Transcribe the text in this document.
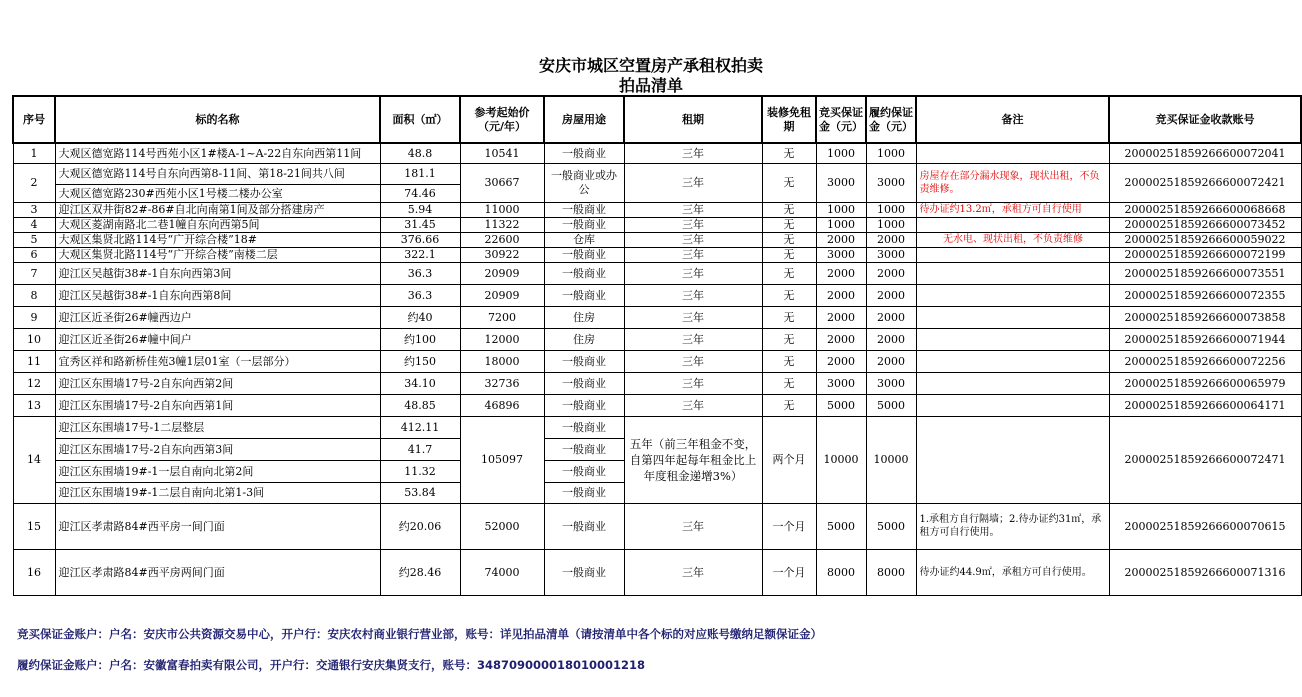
安庆市城区空置房产承租权拍卖
拍品清单
序号	标的名称	面积（㎡）	参考起始价（元/年）	房屋用途	租期	装修免租期	竞买保证金（元）	履约保证金（元）	备注	竞买保证金收款账号
1	大观区德宽路114号西苑小区1#楼A-1~A-22自东向西第11间	48.8	10541	一般商业	三年	无	1000	1000		20000251859266600072041
2	大观区德宽路114号自东向西第8-11间、第18-21间共八间	181.1	30667	一般商业或办公	三年	无	3000	3000	房屋存在部分漏水现象，现状出租，不负责维修。	20000251859266600072421
	大观区德宽路230#西苑小区1号楼二楼办公室	74.46								
3	迎江区双井街82#-86#自北向南第1间及部分搭建房产	5.94	11000	一般商业	三年	无	1000	1000	待办证约13.2㎡，承租方可自行使用	20000251859266600068668
4	大观区菱湖南路北二巷1幢自东向西第5间	31.45	11322	一般商业	三年	无	1000	1000		20000251859266600073452
5	大观区集贤北路114号“广开综合楼”18#	376.66	22600	仓库	三年	无	2000	2000	无水电、现状出租，不负责维修	20000251859266600059022
6	大观区集贤北路114号“广开综合楼”南楼二层	322.1	30922	一般商业	三年	无	3000	3000		20000251859266600072199
7	迎江区吴越街38#-1自东向西第3间	36.3	20909	一般商业	三年	无	2000	2000		20000251859266600073551
8	迎江区吴越街38#-1自东向西第8间	36.3	20909	一般商业	三年	无	2000	2000		20000251859266600072355
9	迎江区近圣街26#幢西边户	约40	7200	住房	三年	无	2000	2000		20000251859266600073858
10	迎江区近圣街26#幢中间户	约100	12000	住房	三年	无	2000	2000		20000251859266600071944
11	宜秀区祥和路新桥佳苑3幢1层01室（一层部分）	约150	18000	一般商业	三年	无	2000	2000		20000251859266600072256
12	迎江区东围墙17号-2自东向西第2间	34.10	32736	一般商业	三年	无	3000	3000		20000251859266600065979
13	迎江区东围墙17号-2自东向西第1间	48.85	46896	一般商业	三年	无	5000	5000		20000251859266600064171
14	迎江区东围墙17号-1二层整层	412.11	105097	一般商业	五年（前三年租金不变，自第四年起每年租金比上年度租金递增3%）	两个月	10000	10000		20000251859266600072471
	迎江区东围墙17号-2自东向西第3间	41.7		一般商业						
	迎江区东围墙19#-1一层自南向北第2间	11.32		一般商业						
	迎江区东围墙19#-1二层自南向北第1-3间	53.84		一般商业						
15	迎江区孝肃路84#西平房一间门面	约20.06	52000	一般商业	三年	一个月	5000	5000	1.承租方自行隔墙；2.待办证约31㎡，承租方可自行使用。	20000251859266600070615
16	迎江区孝肃路84#西平房两间门面	约28.46	74000	一般商业	三年	一个月	8000	8000	待办证约44.9㎡，承租方可自行使用。	20000251859266600071316
竞买保证金账户：户名：安庆市公共资源交易中心，开户行：安庆农村商业银行营业部，账号：详见拍品清单（请按清单中各个标的对应账号缴纳足额保证金）
履约保证金账户：户名：安徽富春拍卖有限公司，开户行：交通银行安庆集贤支行，账号：348709000018010001218
